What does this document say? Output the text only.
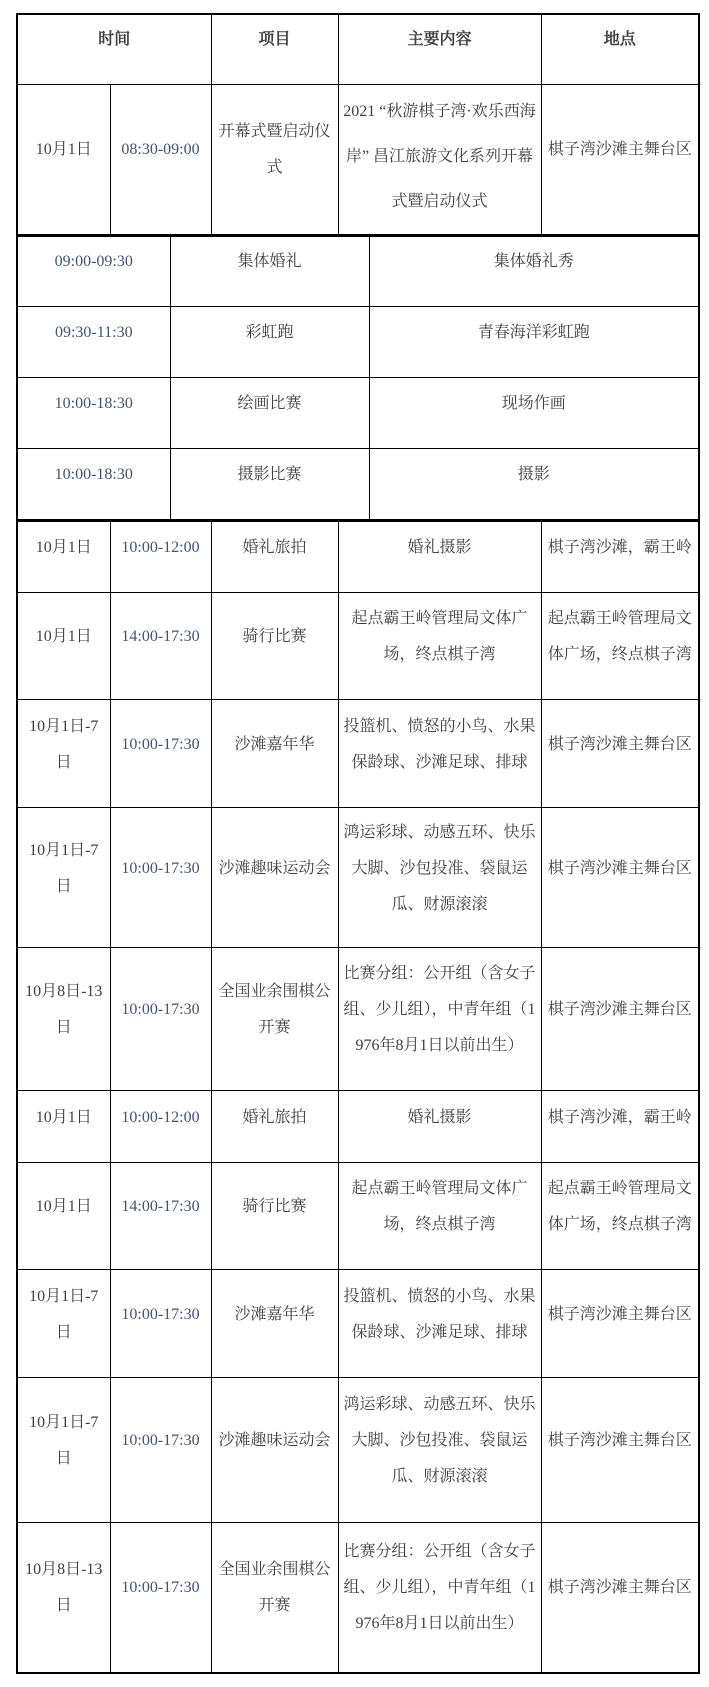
时间		项目	主要内容	地点
10月1日	08:30-09:00	开幕式暨启动仪式	2021 “秋游棋子湾·欢乐西海岸” 昌江旅游文化系列开幕式暨启动仪式	棋子湾沙滩主舞台区
09:00-09:30	集体婚礼	集体婚礼秀
09:30-11:30	彩虹跑	青春海洋彩虹跑
10:00-18:30	绘画比赛	现场作画
10:00-18:30	摄影比赛	摄影
10月1日	10:00-12:00	婚礼旅拍	婚礼摄影	棋子湾沙滩，霸王岭
10月1日	14:00-17:30	骑行比赛	起点霸王岭管理局文体广场，终点棋子湾	起点霸王岭管理局文体广场，终点棋子湾
10月1日-7日	10:00-17:30	沙滩嘉年华	投篮机、愤怒的小鸟、水果保龄球、沙滩足球、排球	棋子湾沙滩主舞台区
10月1日-7日	10:00-17:30	沙滩趣味运动会	鸿运彩球、动感五环、快乐大脚、沙包投准、袋鼠运瓜、财源滚滚	棋子湾沙滩主舞台区
10月8日-13日	10:00-17:30	全国业余围棋公开赛	比赛分组：公开组（含女子组、少儿组），中青年组（1976年8月1日以前出生）	棋子湾沙滩主舞台区
10月1日	10:00-12:00	婚礼旅拍	婚礼摄影	棋子湾沙滩，霸王岭
10月1日	14:00-17:30	骑行比赛	起点霸王岭管理局文体广场，终点棋子湾	起点霸王岭管理局文体广场，终点棋子湾
10月1日-7日	10:00-17:30	沙滩嘉年华	投篮机、愤怒的小鸟、水果保龄球、沙滩足球、排球	棋子湾沙滩主舞台区
10月1日-7日	10:00-17:30	沙滩趣味运动会	鸿运彩球、动感五环、快乐大脚、沙包投准、袋鼠运瓜、财源滚滚	棋子湾沙滩主舞台区
10月8日-13日	10:00-17:30	全国业余围棋公开赛	比赛分组：公开组（含女子组、少儿组），中青年组（1976年8月1日以前出生）	棋子湾沙滩主舞台区
